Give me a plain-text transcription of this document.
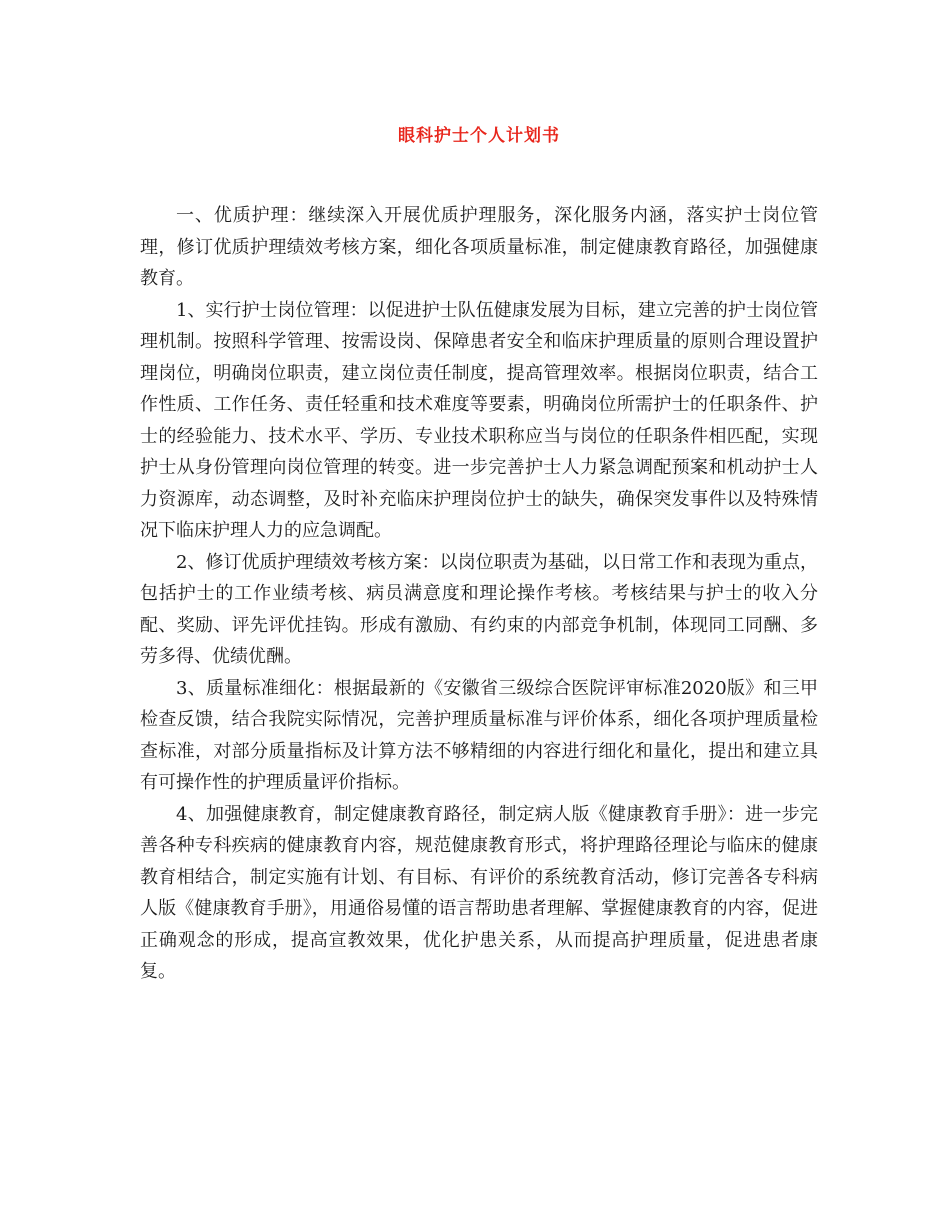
眼科护士个人计划书

一、优质护理：继续深入开展优质护理服务，深化服务内涵，落实护士岗位管理，修订优质护理绩效考核方案，细化各项质量标准，制定健康教育路径，加强健康教育。

1、实行护士岗位管理：以促进护士队伍健康发展为目标，建立完善的护士岗位管理机制。按照科学管理、按需设岗、保障患者安全和临床护理质量的原则合理设置护理岗位，明确岗位职责，建立岗位责任制度，提高管理效率。根据岗位职责，结合工作性质、工作任务、责任轻重和技术难度等要素，明确岗位所需护士的任职条件、护士的经验能力、技术水平、学历、专业技术职称应当与岗位的任职条件相匹配，实现护士从身份管理向岗位管理的转变。进一步完善护士人力紧急调配预案和机动护士人力资源库，动态调整，及时补充临床护理岗位护士的缺失，确保突发事件以及特殊情况下临床护理人力的应急调配。

2、修订优质护理绩效考核方案：以岗位职责为基础，以日常工作和表现为重点，包括护士的工作业绩考核、病员满意度和理论操作考核。考核结果与护士的收入分配、奖励、评先评优挂钩。形成有激励、有约束的内部竞争机制，体现同工同酬、多劳多得、优绩优酬。

3、质量标准细化：根据最新的《安徽省三级综合医院评审标准2020版》和三甲检查反馈，结合我院实际情况，完善护理质量标准与评价体系，细化各项护理质量检查标准，对部分质量指标及计算方法不够精细的内容进行细化和量化，提出和建立具有可操作性的护理质量评价指标。

4、加强健康教育，制定健康教育路径，制定病人版《健康教育手册》：进一步完善各种专科疾病的健康教育内容，规范健康教育形式，将护理路径理论与临床的健康教育相结合，制定实施有计划、有目标、有评价的系统教育活动，修订完善各专科病人版《健康教育手册》，用通俗易懂的语言帮助患者理解、掌握健康教育的内容，促进正确观念的形成，提高宣教效果，优化护患关系，从而提高护理质量，促进患者康复。
